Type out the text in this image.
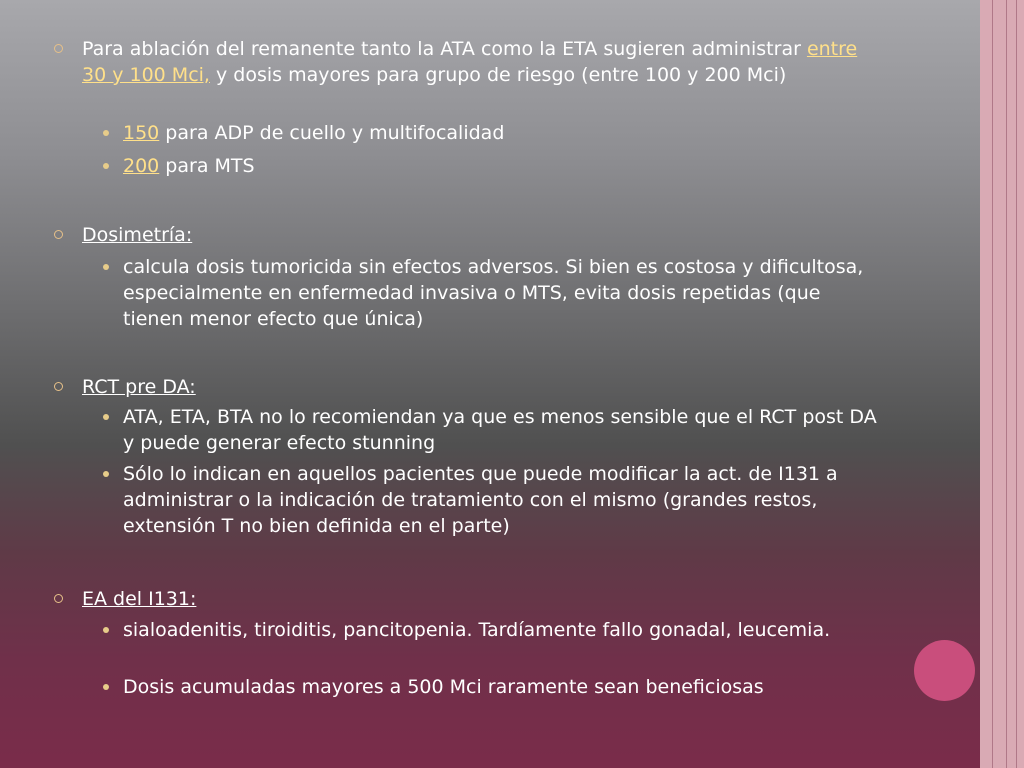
Para ablación del remanente tanto la ATA como la ETA sugieren administrar entre 30 y 100 Mci, y dosis mayores para grupo de riesgo (entre 100 y 200 Mci)
150 para ADP de cuello y multifocalidad
200 para MTS
Dosimetría:
calcula dosis tumoricida sin efectos adversos. Si bien es costosa y dificultosa, especialmente en enfermedad invasiva o MTS, evita dosis repetidas (que tienen menor efecto que única)
RCT pre DA:
ATA, ETA, BTA no lo recomiendan ya que es menos sensible que el RCT post DA y puede generar efecto stunning
Sólo lo indican en aquellos pacientes que puede modificar la act. de I131 a administrar o la indicación de tratamiento con el mismo (grandes restos, extensión T no bien definida en el parte)
EA del I131:
sialoadenitis, tiroiditis, pancitopenia. Tardíamente fallo gonadal, leucemia.
Dosis acumuladas mayores a 500 Mci raramente sean beneficiosas
